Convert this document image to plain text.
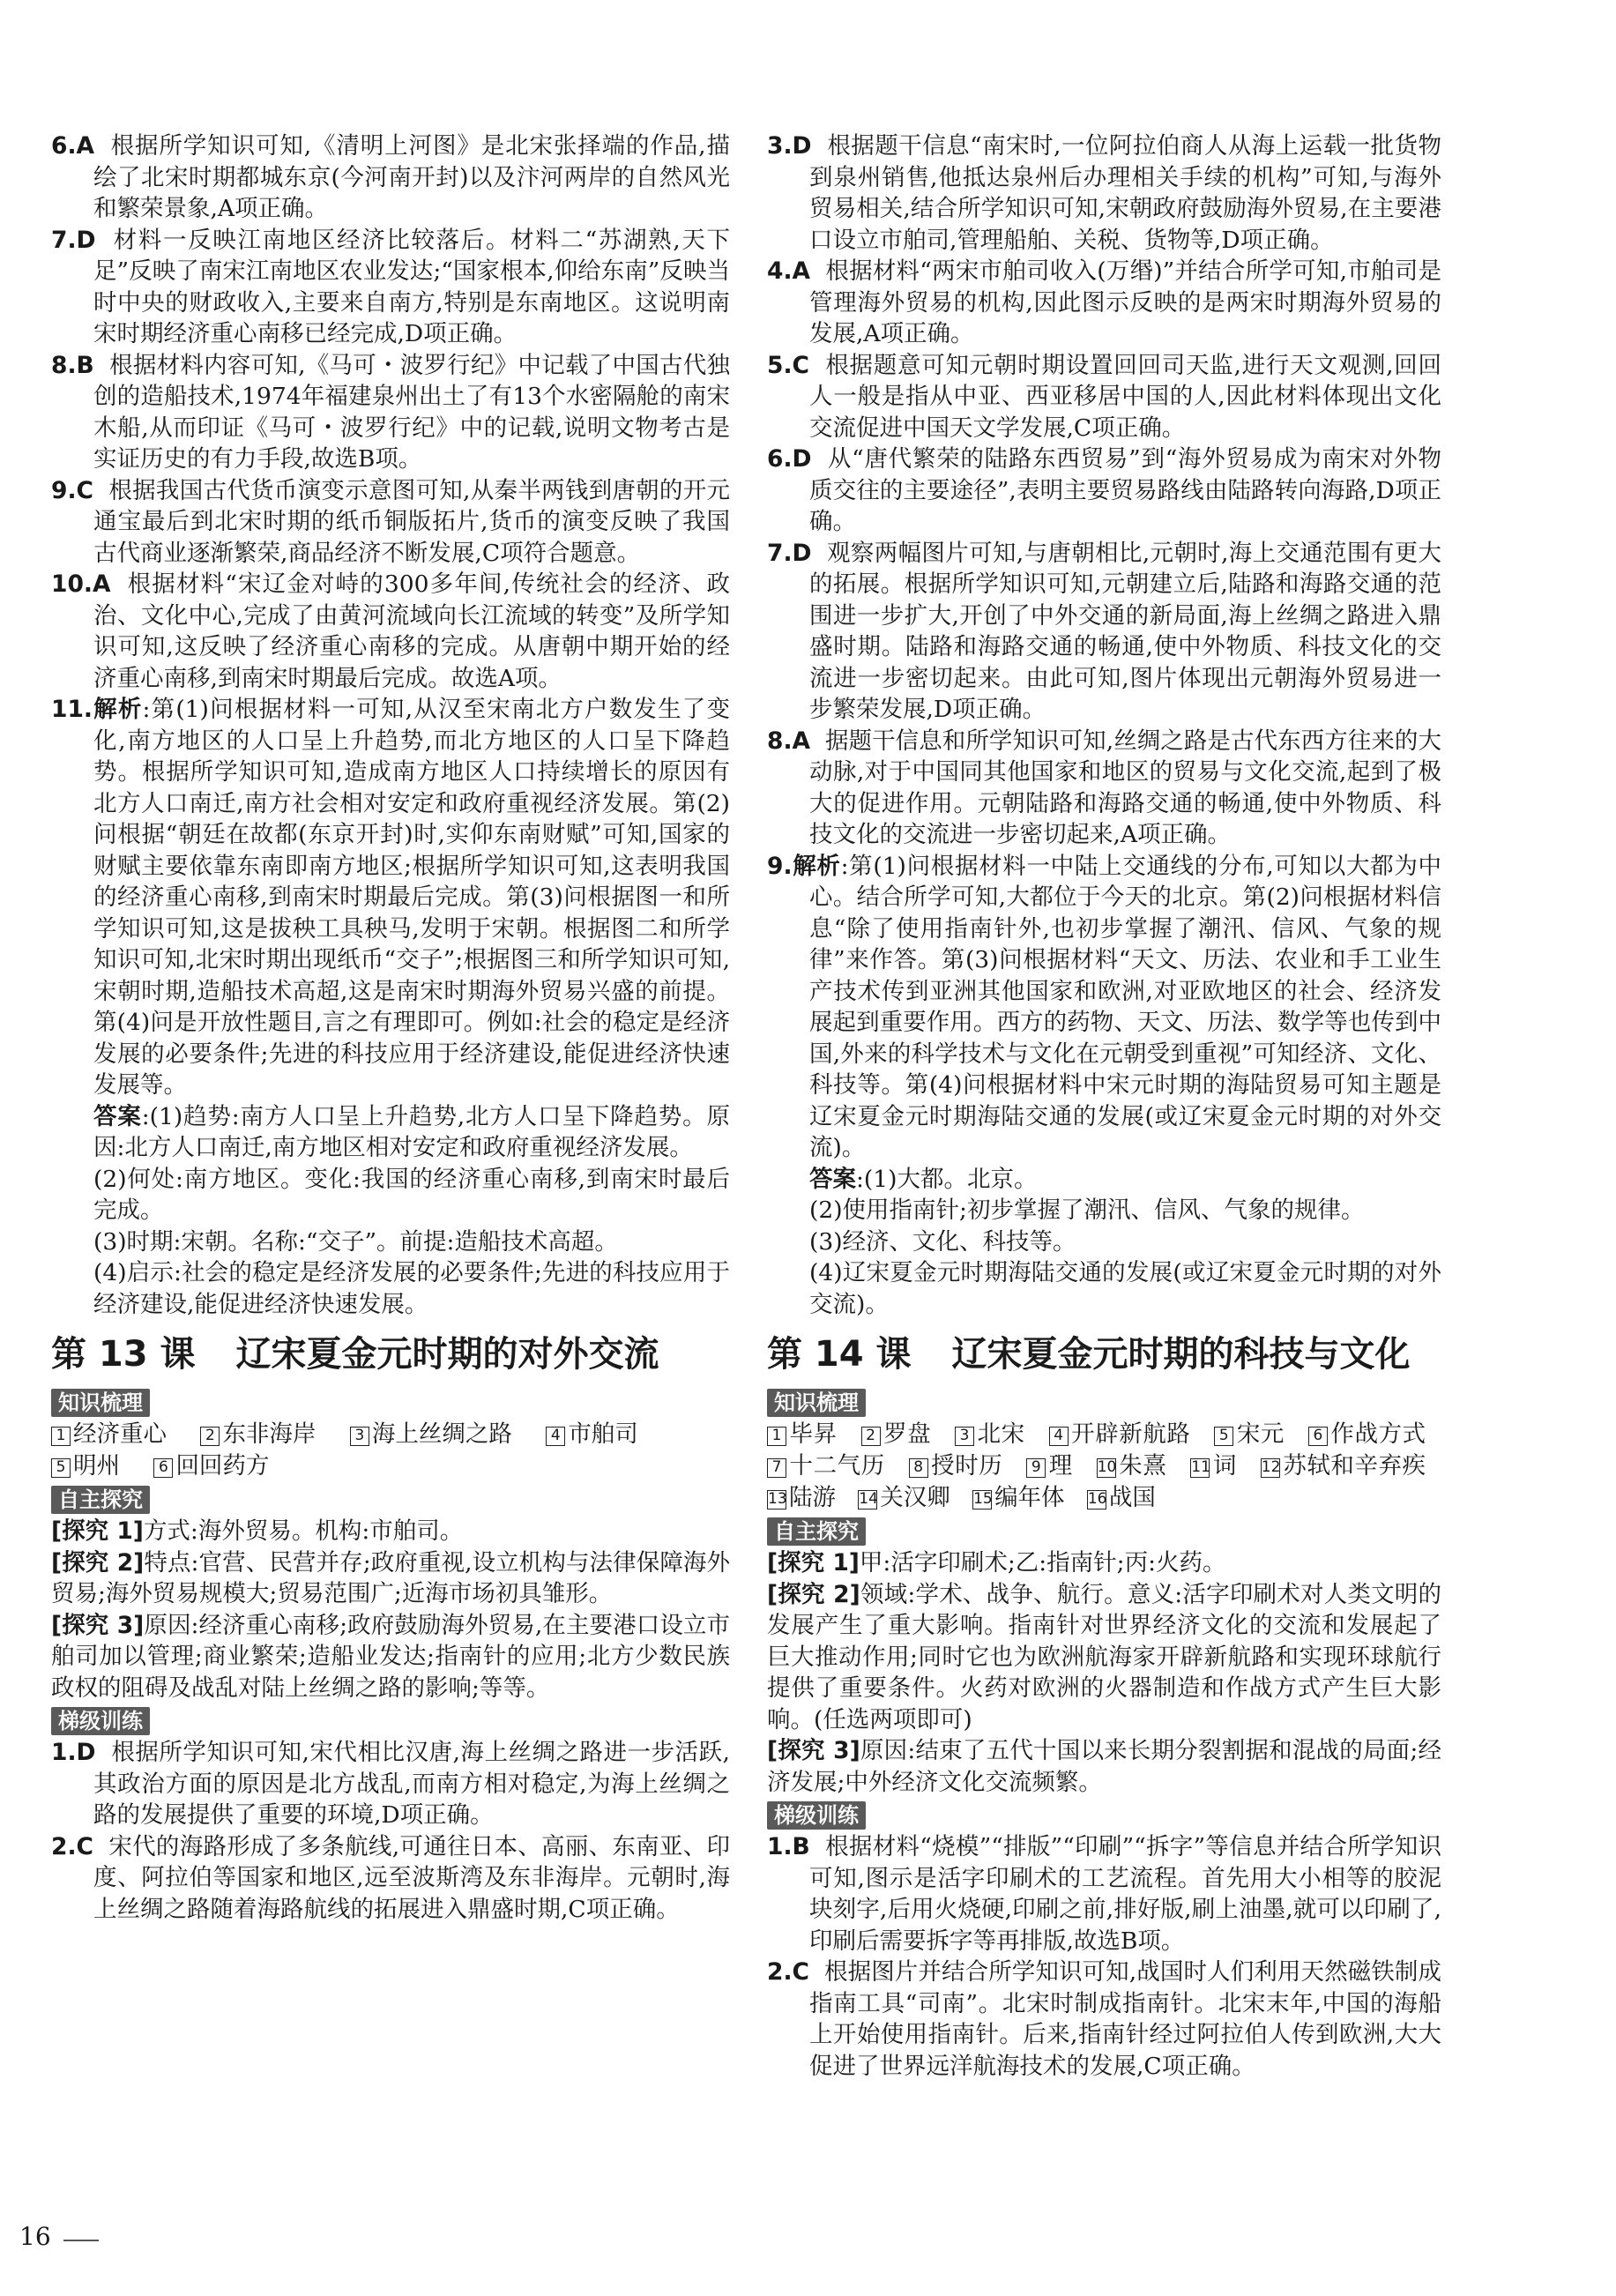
6.A 根据所学知识可知,《清明上河图》是北宋张择端的作品,描绘了北宋时期都城东京(今河南开封)以及汴河两岸的自然风光和繁荣景象,A项正确。

7.D 材料一反映江南地区经济比较落后。材料二“苏湖熟,天下足”反映了南宋江南地区农业发达;“国家根本,仰给东南”反映当时中央的财政收入,主要来自南方,特别是东南地区。这说明南宋时期经济重心南移已经完成,D项正确。

8.B 根据材料内容可知,《马可・波罗行纪》中记载了中国古代独创的造船技术,1974年福建泉州出土了有13个水密隔舱的南宋木船,从而印证《马可・波罗行纪》中的记载,说明文物考古是实证历史的有力手段,故选B项。

9.C 根据我国古代货币演变示意图可知,从秦半两钱到唐朝的开元通宝最后到北宋时期的纸币铜版拓片,货币的演变反映了我国古代商业逐渐繁荣,商品经济不断发展,C项符合题意。

10.A 根据材料“宋辽金对峙的300多年间,传统社会的经济、政治、文化中心,完成了由黄河流域向长江流域的转变”及所学知识可知,这反映了经济重心南移的完成。从唐朝中期开始的经济重心南移,到南宋时期最后完成。故选A项。

11.解析:第(1)问根据材料一可知,从汉至宋南北方户数发生了变化,南方地区的人口呈上升趋势,而北方地区的人口呈下降趋势。根据所学知识可知,造成南方地区人口持续增长的原因有北方人口南迁,南方社会相对安定和政府重视经济发展。第(2)问根据“朝廷在故都(东京开封)时,实仰东南财赋”可知,国家的财赋主要依靠东南即南方地区;根据所学知识可知,这表明我国的经济重心南移,到南宋时期最后完成。第(3)问根据图一和所学知识可知,这是拔秧工具秧马,发明于宋朝。根据图二和所学知识可知,北宋时期出现纸币“交子”;根据图三和所学知识可知,宋朝时期,造船技术高超,这是南宋时期海外贸易兴盛的前提。第(4)问是开放性题目,言之有理即可。例如:社会的稳定是经济发展的必要条件;先进的科技应用于经济建设,能促进经济快速发展等。

答案:(1)趋势:南方人口呈上升趋势,北方人口呈下降趋势。原因:北方人口南迁,南方地区相对安定和政府重视经济发展。

(2)何处:南方地区。变化:我国的经济重心南移,到南宋时最后完成。

(3)时期:宋朝。名称:“交子”。前提:造船技术高超。

(4)启示:社会的稳定是经济发展的必要条件;先进的科技应用于经济建设,能促进经济快速发展。

第 13 课 辽宋夏金元时期的对外交流
知识梳理
1 经济重心	2 东非海岸	3 海上丝绸之路	4 市舶司 5 明州	6 回回药方
自主探究

[探究 1]方式:海外贸易。机构:市舶司。

[探究 2]特点:官营、民营并存;政府重视,设立机构与法律保障海外贸易;海外贸易规模大;贸易范围广;近海市场初具雏形。

[探究 3]原因:经济重心南移;政府鼓励海外贸易,在主要港口设立市舶司加以管理;商业繁荣;造船业发达;指南针的应用;北方少数民族政权的阻碍及战乱对陆上丝绸之路的影响;等等。

梯级训练

1.D 根据所学知识可知,宋代相比汉唐,海上丝绸之路进一步活跃,其政治方面的原因是北方战乱,而南方相对稳定,为海上丝绸之路的发展提供了重要的环境,D项正确。

2.C 宋代的海路形成了多条航线,可通往日本、高丽、东南亚、印度、阿拉伯等国家和地区,远至波斯湾及东非海岸。元朝时,海上丝绸之路随着海路航线的拓展进入鼎盛时期,C项正确。

3.D 根据题干信息“南宋时,一位阿拉伯商人从海上运载一批货物到泉州销售,他抵达泉州后办理相关手续的机构”可知,与海外贸易相关,结合所学知识可知,宋朝政府鼓励海外贸易,在主要港口设立市舶司,管理船舶、关税、货物等,D项正确。

4.A 根据材料“两宋市舶司收入(万缗)”并结合所学可知,市舶司是管理海外贸易的机构,因此图示反映的是两宋时期海外贸易的发展,A项正确。

5.C 根据题意可知元朝时期设置回回司天监,进行天文观测,回回人一般是指从中亚、西亚移居中国的人,因此材料体现出文化交流促进中国天文学发展,C项正确。

6.D 从“唐代繁荣的陆路东西贸易”到“海外贸易成为南宋对外物质交往的主要途径”,表明主要贸易路线由陆路转向海路,D项正确。

7.D 观察两幅图片可知,与唐朝相比,元朝时,海上交通范围有更大的拓展。根据所学知识可知,元朝建立后,陆路和海路交通的范围进一步扩大,开创了中外交通的新局面,海上丝绸之路进入鼎盛时期。陆路和海路交通的畅通,使中外物质、科技文化的交流进一步密切起来。由此可知,图片体现出元朝海外贸易进一步繁荣发展,D项正确。

8.A 据题干信息和所学知识可知,丝绸之路是古代东西方往来的大动脉,对于中国同其他国家和地区的贸易与文化交流,起到了极大的促进作用。元朝陆路和海路交通的畅通,使中外物质、科技文化的交流进一步密切起来,A项正确。

9.解析:第(1)问根据材料一中陆上交通线的分布,可知以大都为中心。结合所学可知,大都位于今天的北京。第(2)问根据材料信息“除了使用指南针外,也初步掌握了潮汛、信风、气象的规律”来作答。第(3)问根据材料“天文、历法、农业和手工业生产技术传到亚洲其他国家和欧洲,对亚欧地区的社会、经济发展起到重要作用。西方的药物、天文、历法、数学等也传到中国,外来的科学技术与文化在元朝受到重视”可知经济、文化、科技等。第(4)问根据材料中宋元时期的海陆贸易可知主题是辽宋夏金元时期海陆交通的发展(或辽宋夏金元时期的对外交流)。

答案:(1)大都。北京。

(2)使用指南针;初步掌握了潮汛、信风、气象的规律。

(3)经济、文化、科技等。

(4)辽宋夏金元时期海陆交通的发展(或辽宋夏金元时期的对外交流)。

第 14 课 辽宋夏金元时期的科技与文化
知识梳理
1 毕昇 2 罗盘 3 北宋 4 开辟新航路 5 宋元 6 作战方式   7 十二气历 8 授时历 9 理 10朱熹 11词 12苏轼和辛弃疾   13陆游 14关汉卿 15编年体 16战国
自主探究

[探究 1]甲:活字印刷术;乙:指南针;丙:火药。

[探究 2]领域:学术、战争、航行。意义:活字印刷术对人类文明的发展产生了重大影响。指南针对世界经济文化的交流和发展起了巨大推动作用;同时它也为欧洲航海家开辟新航路和实现环球航行提供了重要条件。火药对欧洲的火器制造和作战方式产生巨大影响。(任选两项即可)

[探究 3]原因:结束了五代十国以来长期分裂割据和混战的局面;经济发展;中外经济文化交流频繁。

梯级训练

1.B 根据材料“烧模”“排版”“印刷”“拆字”等信息并结合所学知识可知,图示是活字印刷术的工艺流程。首先用大小相等的胶泥块刻字,后用火烧硬,印刷之前,排好版,刷上油墨,就可以印刷了,印刷后需要拆字等再排版,故选B项。

2.C 根据图片并结合所学知识可知,战国时人们利用天然磁铁制成指南工具“司南”。北宋时制成指南针。北宋末年,中国的海船上开始使用指南针。后来,指南针经过阿拉伯人传到欧洲,大大促进了世界远洋航海技术的发展,C项正确。

16
